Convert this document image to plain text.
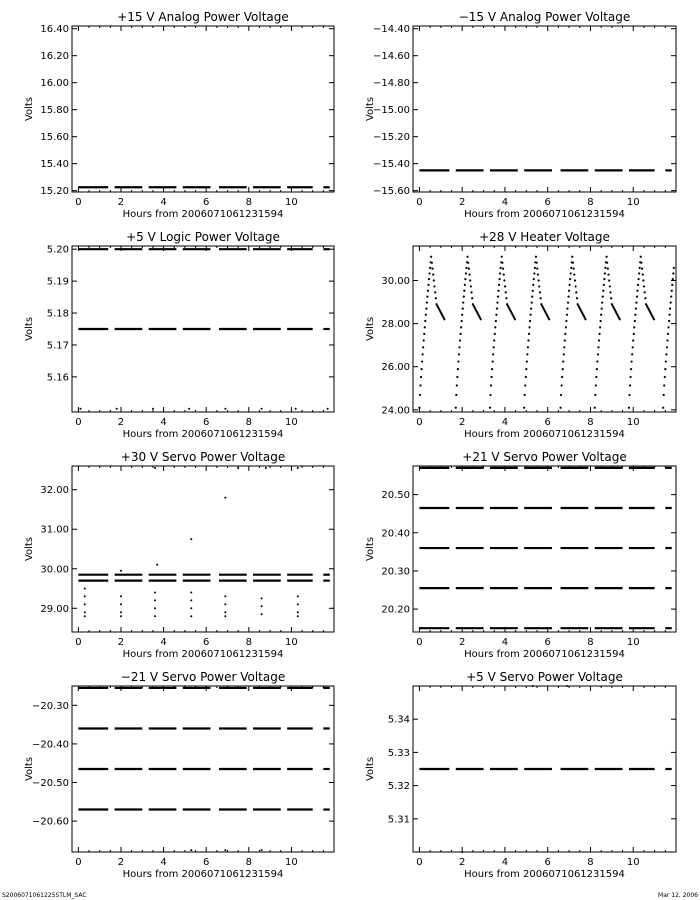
+15 V Analog Power Voltage
0	2	4	6	8	10
15.20
15.40
15.60
15.80
16.00
16.20
16.40
Hours from 2006071061231594
Volts
−15 V Analog Power Voltage
0	2	4	6	8	10
−14.40
−14.60
−14.80
−15.00
−15.20
−15.40
−15.60
Hours from 2006071061231594
Volts
+5 V Logic Power Voltage
0	2	4	6	8	10
5.16
5.17
5.18
5.19
5.20
Hours from 2006071061231594
Volts
+28 V Heater Voltage
0	2	4	6	8	10
24.00
26.00
28.00
30.00
Hours from 2006071061231594
Volts
+30 V Servo Power Voltage
0	2	4	6	8	10
29.00
30.00
31.00
32.00
Hours from 2006071061231594
Volts
+21 V Servo Power Voltage
0	2	4	6	8	10
20.20
20.30
20.40
20.50
Hours from 2006071061231594
Volts
−21 V Servo Power Voltage
0	2	4	6	8	10
−20.30
−20.40
−20.50
−20.60
Hours from 2006071061231594
Volts
+5 V Servo Power Voltage
0	2	4	6	8	10
5.31
5.32
5.33
5.34
Hours from 2006071061231594
Volts
S2006071061225STLM_SAC	Mar 12, 2006
